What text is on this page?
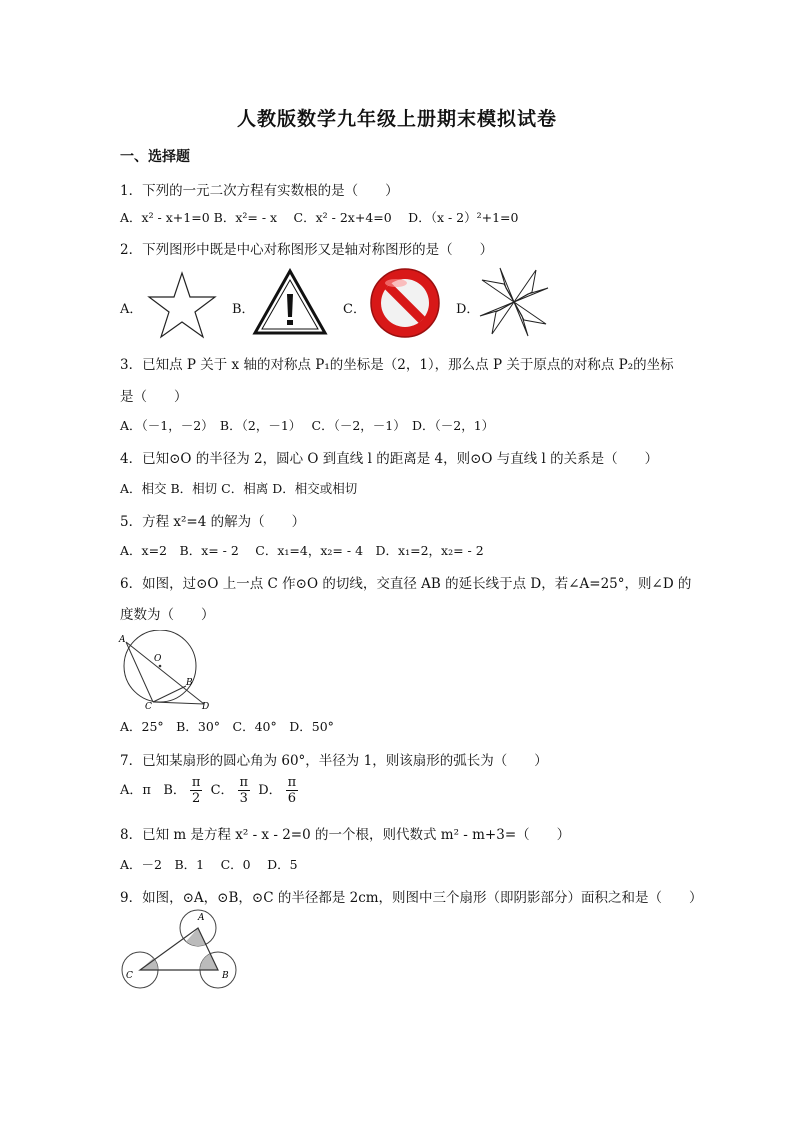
人教版数学九年级上册期末模拟试卷
一、选择题
1．下列的一元二次方程有实数根的是（　　）
A．x² ‐ x+1=0 B．x²= ‐ x　 C．x² ‐ 2x+4=0　 D．（x ‐ 2）²+1=0
2．下列图形中既是中心对称图形又是轴对称图形的是（　　）
A．	B．	C．	D．
3．已知点 P 关于 x 轴的对称点 P₁的坐标是（2，1），那么点 P 关于原点的对称点 P₂的坐标
是（　　）
A．（－1，－2）　B．（2，－1）　 C．（－2，－1）　D．（－2，1）
4．已知⊙O 的半径为 2，圆心 O 到直线 l 的距离是 4，则⊙O 与直线 l 的关系是（　　）
A．相交 B．相切 C．相离 D．相交或相切
5．方程 x²=4 的解为（　　）
A．x=2　B．x= ‐ 2　 C．x₁=4，x₂= ‐ 4　D．x₁=2，x₂= ‐ 2
6．如图，过⊙O 上一点 C 作⊙O 的切线，交直径 AB 的延长线于点 D，若∠A=25°，则∠D 的
度数为（　　）
A
O
B
C	D
A．25°　B．30°　C．40°　D．50°
7．已知某扇形的圆心角为 60°，半径为 1，则该扇形的弧长为（　　）
A．π B． $\frac{\pi}{2}$ C． $\frac{\pi}{3}$ D． $\frac{\pi}{6}$
8．已知 m 是方程 x² ‐ x ‐ 2=0 的一个根，则代数式 m² ‐ m+3=（　　）
A．－2　B．1　 C．0　 D．5
9．如图，⊙A，⊙B，⊙C 的半径都是 2cm，则图中三个扇形（即阴影部分）面积之和是（　　）
A
B
C
